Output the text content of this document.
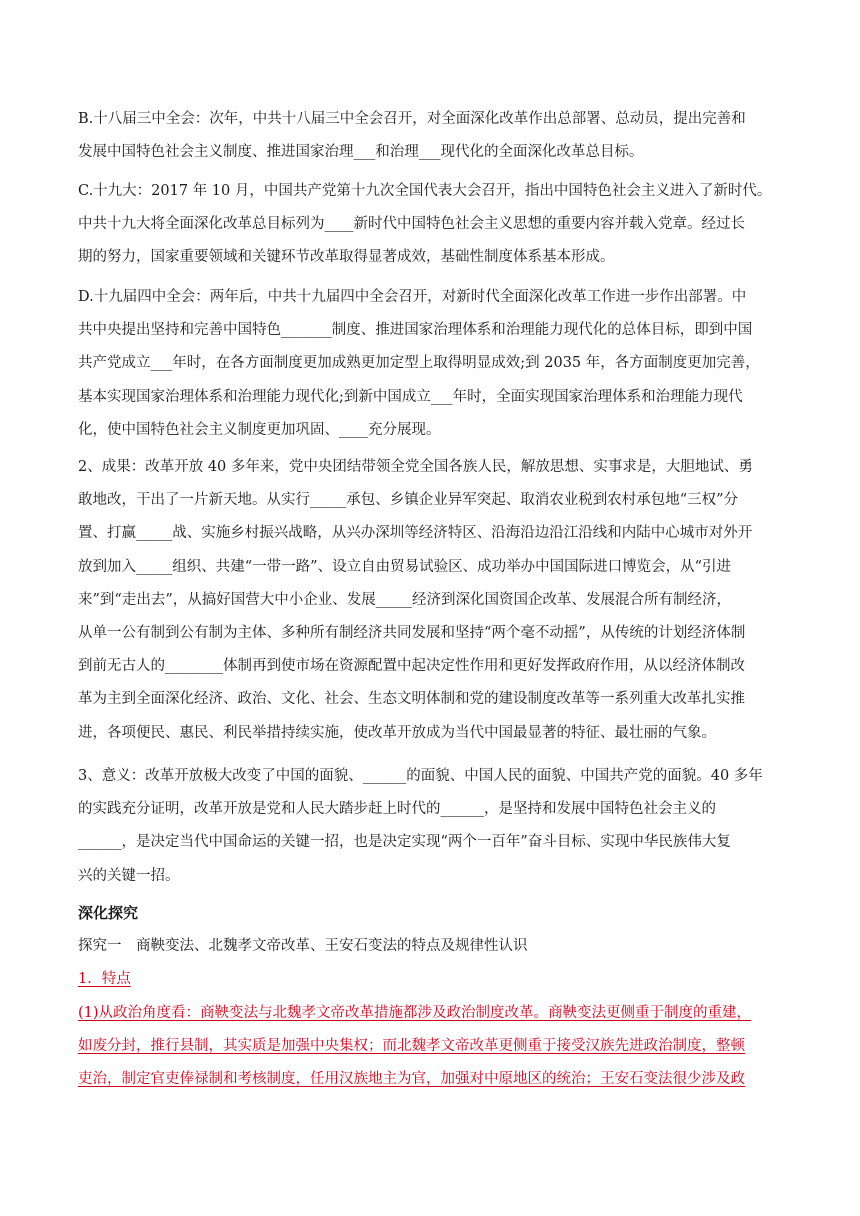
B.十八届三中全会：次年，中共十八届三中全会召开，对全面深化改革作出总部署、总动员，提出完善和
发展中国特色社会主义制度、推进国家治理___和治理___现代化的全面深化改革总目标。
C.十九大：2017 年 10 月，中国共产党第十九次全国代表大会召开，指出中国特色社会主义进入了新时代。
中共十九大将全面深化改革总目标列为____新时代中国特色社会主义思想的重要内容并载入党章。经过长
期的努力，国家重要领域和关键环节改革取得显著成效，基础性制度体系基本形成。
D.十九届四中全会：两年后，中共十九届四中全会召开，对新时代全面深化改革工作进一步作出部署。中
共中央提出坚持和完善中国特色_______制度、推进国家治理体系和治理能力现代化的总体目标，即到中国
共产党成立___年时，在各方面制度更加成熟更加定型上取得明显成效;到 2035 年，各方面制度更加完善，
基本实现国家治理体系和治理能力现代化;到新中国成立___年时，全面实现国家治理体系和治理能力现代
化，使中国特色社会主义制度更加巩固、____充分展现。
2、成果：改革开放 40 多年来，党中央团结带领全党全国各族人民，解放思想、实事求是，大胆地试、勇
敢地改，干出了一片新天地。从实行_____承包、乡镇企业异军突起、取消农业税到农村承包地“三权”分
置、打赢_____战、实施乡村振兴战略，从兴办深圳等经济特区、沿海沿边沿江沿线和内陆中心城市对外开
放到加入_____组织、共建“一带一路”、设立自由贸易试验区、成功举办中国国际进口博览会，从“引进
来”到“走出去”，从搞好国营大中小企业、发展_____经济到深化国资国企改革、发展混合所有制经济，
从单一公有制到公有制为主体、多种所有制经济共同发展和坚持“两个毫不动摇”，从传统的计划经济体制
到前无古人的________体制再到使市场在资源配置中起决定性作用和更好发挥政府作用，从以经济体制改
革为主到全面深化经济、政治、文化、社会、生态文明体制和党的建设制度改革等一系列重大改革扎实推
进，各项便民、惠民、利民举措持续实施，使改革开放成为当代中国最显著的特征、最壮丽的气象。
3、意义：改革开放极大改变了中国的面貌、______的面貌、中国人民的面貌、中国共产党的面貌。40 多年
的实践充分证明，改革开放是党和人民大踏步赶上时代的______，是坚持和发展中国特色社会主义的
______，是决定当代中国命运的关键一招，也是决定实现“两个一百年”奋斗目标、实现中华民族伟大复
兴的关键一招。
深化探究
探究一　商鞅变法、北魏孝文帝改革、王安石变法的特点及规律性认识
1．特点
(1)从政治角度看：商鞅变法与北魏孝文帝改革措施都涉及政治制度改革。商鞅变法更侧重于制度的重建，
如废分封，推行县制，其实质是加强中央集权；而北魏孝文帝改革更侧重于接受汉族先进政治制度，整顿
吏治，制定官吏俸禄制和考核制度，任用汉族地主为官，加强对中原地区的统治；王安石变法很少涉及政
